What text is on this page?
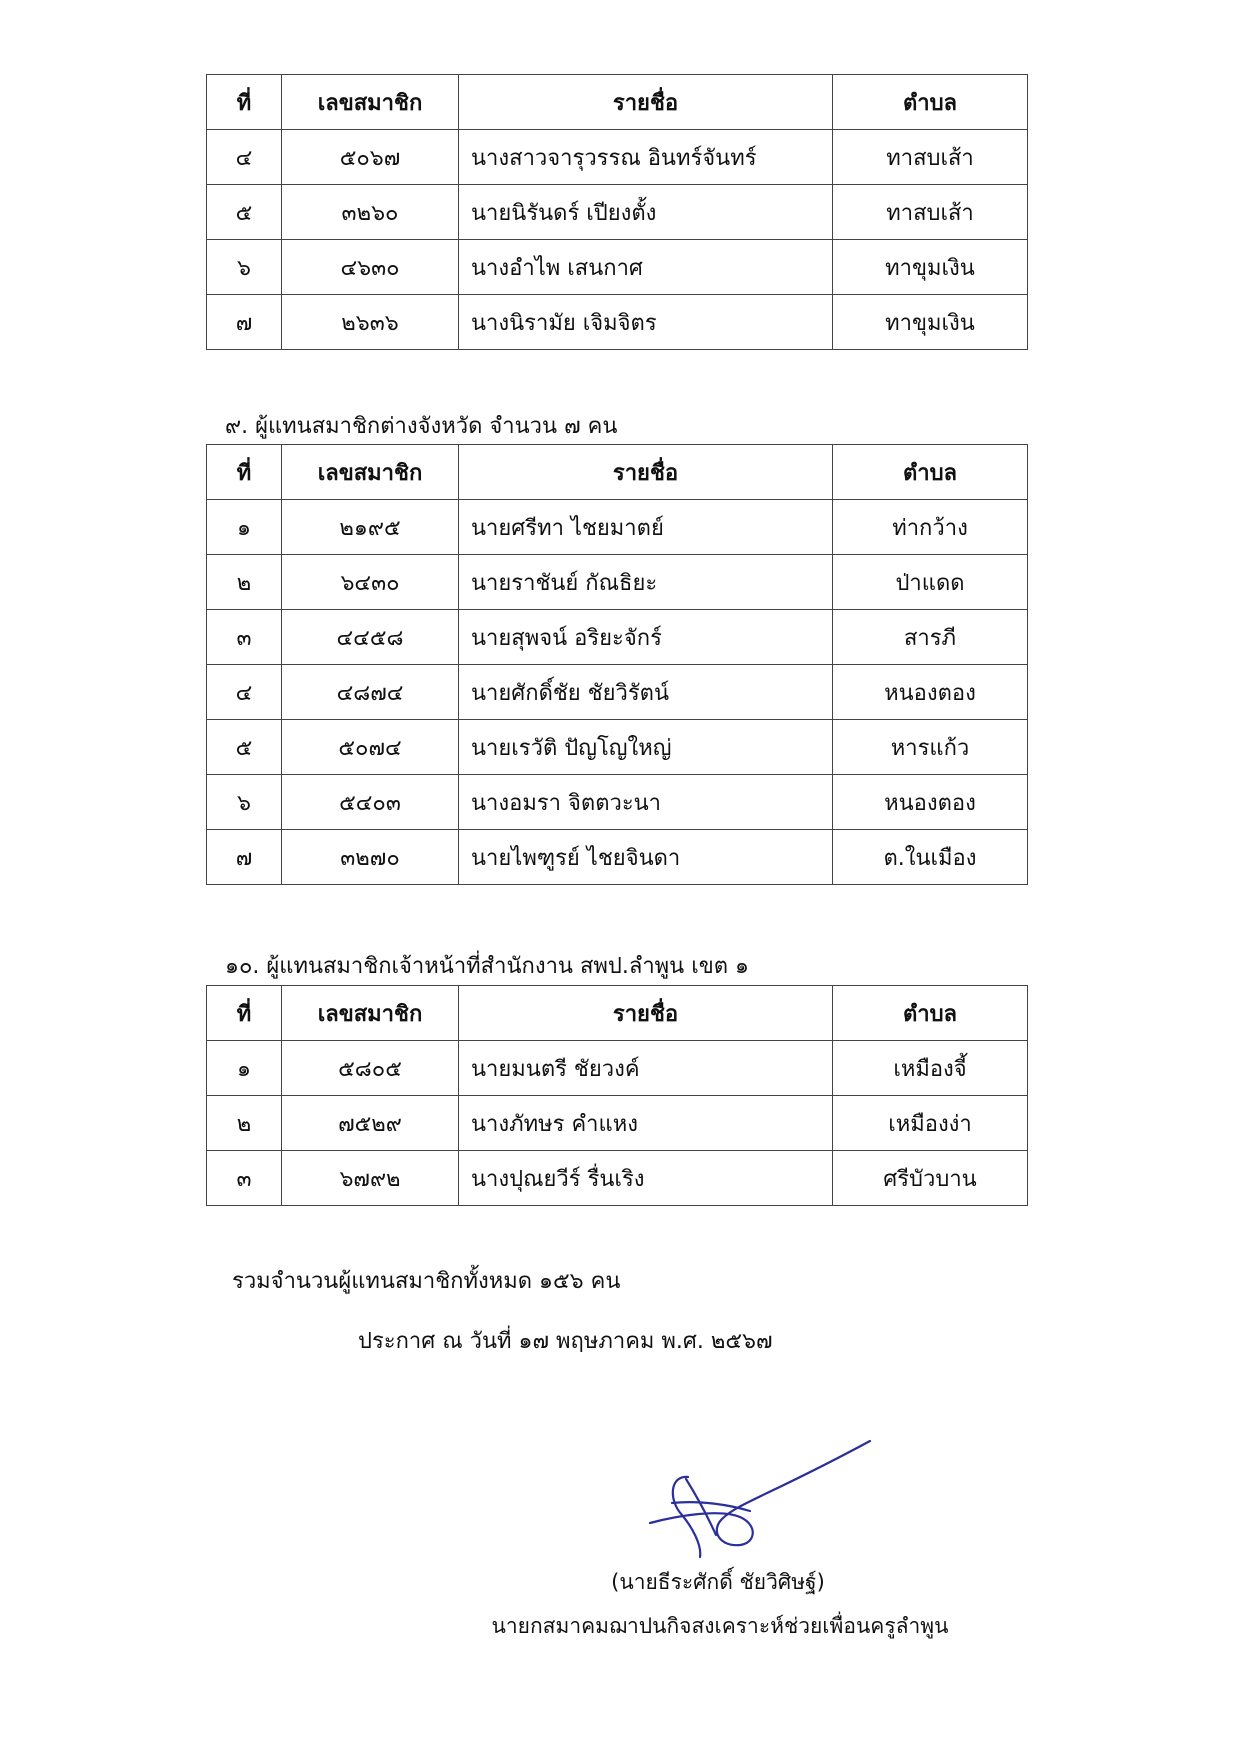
ที่	เลขสมาชิก	รายชื่อ	ตำบล
๔	๕๐๖๗	นางสาวจารุวรรณ อินทร์จันทร์	ทาสบเส้า
๕	๓๒๖๐	นายนิรันดร์ เปียงตั้ง	ทาสบเส้า
๖	๔๖๓๐	นางอำไพ เสนกาศ	ทาขุมเงิน
๗	๒๖๓๖	นางนิรามัย เจิมจิตร	ทาขุมเงิน
๙. ผู้แทนสมาชิกต่างจังหวัด จำนวน ๗ คน
ที่	เลขสมาชิก	รายชื่อ	ตำบล
๑	๒๑๙๕	นายศรีทา ไชยมาตย์	ท่ากว้าง
๒	๖๔๓๐	นายราชันย์ กัณธิยะ	ป่าแดด
๓	๔๔๕๘	นายสุพจน์ อริยะจักร์	สารภี
๔	๔๘๗๔	นายศักดิ์ชัย ชัยวิรัตน์	หนองตอง
๕	๕๐๗๔	นายเรวัติ ปัญโญใหญ่	หารแก้ว
๖	๕๔๐๓	นางอมรา จิตตวะนา	หนองตอง
๗	๓๒๗๐	นายไพฑูรย์ ไชยจินดา	ต.ในเมือง
๑๐. ผู้แทนสมาชิกเจ้าหน้าที่สำนักงาน สพป.ลำพูน เขต ๑
ที่	เลขสมาชิก	รายชื่อ	ตำบล
๑	๕๘๐๕	นายมนตรี ชัยวงค์	เหมืองจี้
๒	๗๕๒๙	นางภัทษร คำแหง	เหมืองง่า
๓	๖๗๙๒	นางปุณยวีร์ รื่นเริง	ศรีบัวบาน
รวมจำนวนผู้แทนสมาชิกทั้งหมด ๑๕๖ คน
ประกาศ ณ วันที่ ๑๗ พฤษภาคม พ.ศ. ๒๕๖๗
(นายธีระศักดิ์ ชัยวิศิษฐ์)
นายกสมาคมฌาปนกิจสงเคราะห์ช่วยเพื่อนครูลำพูน
